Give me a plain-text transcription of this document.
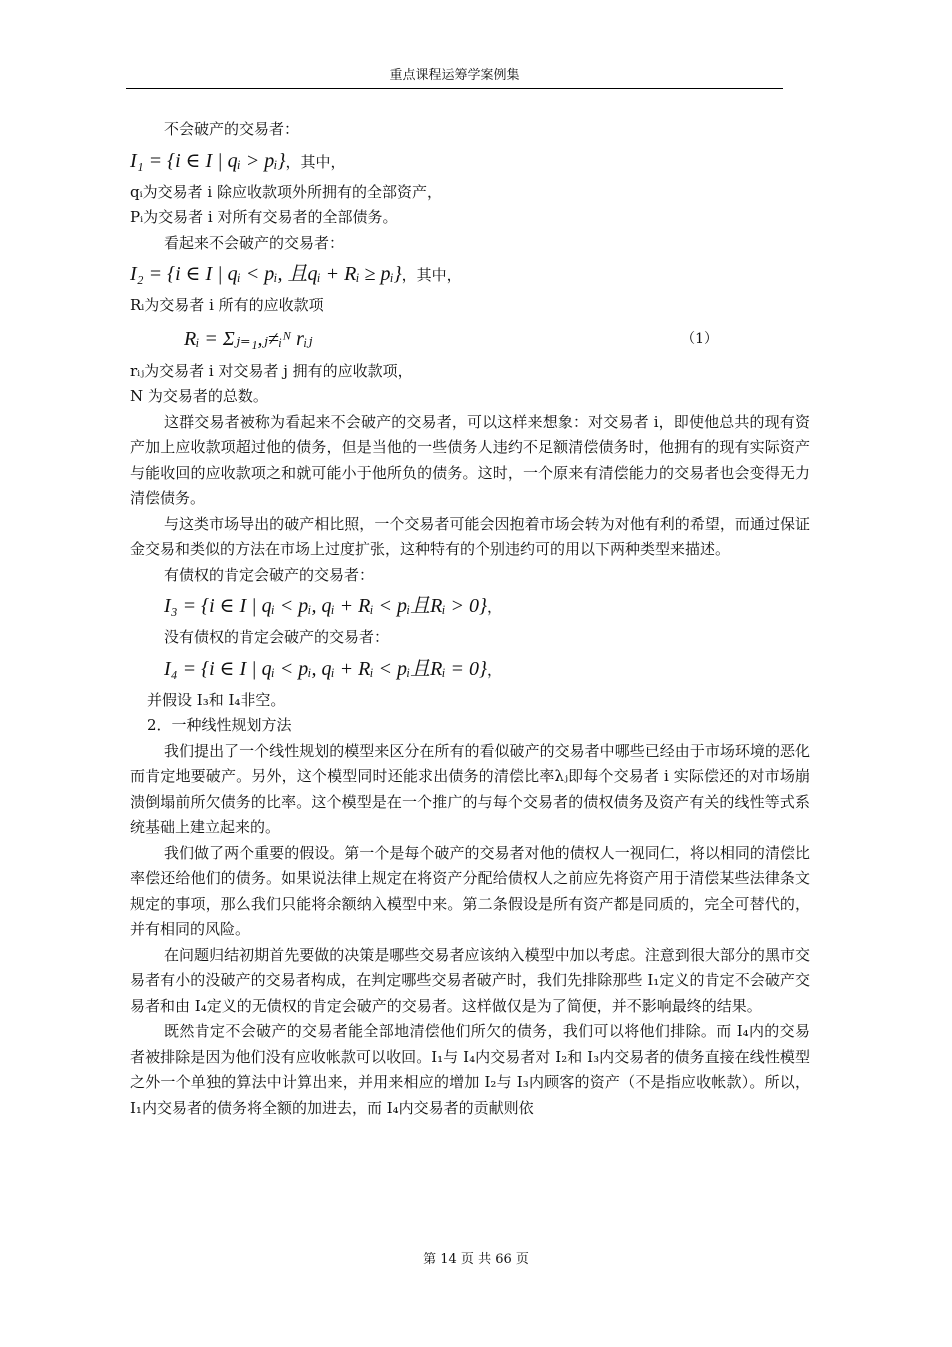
重点课程运筹学案例集

不会破产的交易者：

I₁ = {i ∈ I | qᵢ > pᵢ}，其中，

qᵢ为交易者 i 除应收款项外所拥有的全部资产，

Pᵢ为交易者 i 对所有交易者的全部债务。

看起来不会破产的交易者：

I₂ = {i ∈ I | qᵢ < pᵢ, 且qᵢ + Rᵢ ≥ pᵢ}，其中，

Rᵢ为交易者 i 所有的应收款项

Rᵢ = Σⱼ₌₁,ⱼ≠ᵢᴺ rᵢⱼ	（1）

rᵢⱼ为交易者 i 对交易者 j 拥有的应收款项，

N 为交易者的总数。

这群交易者被称为看起来不会破产的交易者，可以这样来想象：对交易者 i，即使他总共的现有资产加上应收款项超过他的债务，但是当他的一些债务人违约不足额清偿债务时，他拥有的现有实际资产与能收回的应收款项之和就可能小于他所负的债务。这时，一个原来有清偿能力的交易者也会变得无力清偿债务。

与这类市场导出的破产相比照，一个交易者可能会因抱着市场会转为对他有利的希望，而通过保证金交易和类似的方法在市场上过度扩张，这种特有的个别违约可的用以下两种类型来描述。

有债权的肯定会破产的交易者：

I₃ = {i ∈ I | qᵢ < pᵢ, qᵢ + Rᵢ < pᵢ且Rᵢ > 0}，

没有债权的肯定会破产的交易者：

I₄ = {i ∈ I | qᵢ < pᵢ, qᵢ + Rᵢ < pᵢ且Rᵢ = 0}，

并假设 I₃和 I₄非空。

2．一种线性规划方法

我们提出了一个线性规划的模型来区分在所有的看似破产的交易者中哪些已经由于市场环境的恶化而肯定地要破产。另外，这个模型同时还能求出债务的清偿比率λⱼ即每个交易者 i 实际偿还的对市场崩溃倒塌前所欠债务的比率。这个模型是在一个推广的与每个交易者的债权债务及资产有关的线性等式系统基础上建立起来的。

我们做了两个重要的假设。第一个是每个破产的交易者对他的债权人一视同仁，将以相同的清偿比率偿还给他们的债务。如果说法律上规定在将资产分配给债权人之前应先将资产用于清偿某些法律条文规定的事项，那么我们只能将余额纳入模型中来。第二条假设是所有资产都是同质的，完全可替代的，并有相同的风险。

在问题归结初期首先要做的决策是哪些交易者应该纳入模型中加以考虑。注意到很大部分的黑市交易者有小的没破产的交易者构成，在判定哪些交易者破产时，我们先排除那些 I₁定义的肯定不会破产交易者和由 I₄定义的无债权的肯定会破产的交易者。这样做仅是为了简便，并不影响最终的结果。

既然肯定不会破产的交易者能全部地清偿他们所欠的债务，我们可以将他们排除。而 I₄内的交易者被排除是因为他们没有应收帐款可以收回。I₁与 I₄内交易者对 I₂和 I₃内交易者的债务直接在线性模型之外一个单独的算法中计算出来，并用来相应的增加 I₂与 I₃内顾客的资产（不是指应收帐款）。所以，I₁内交易者的债务将全额的加进去，而 I₄内交易者的贡献则依

第 14 页 共 66 页
